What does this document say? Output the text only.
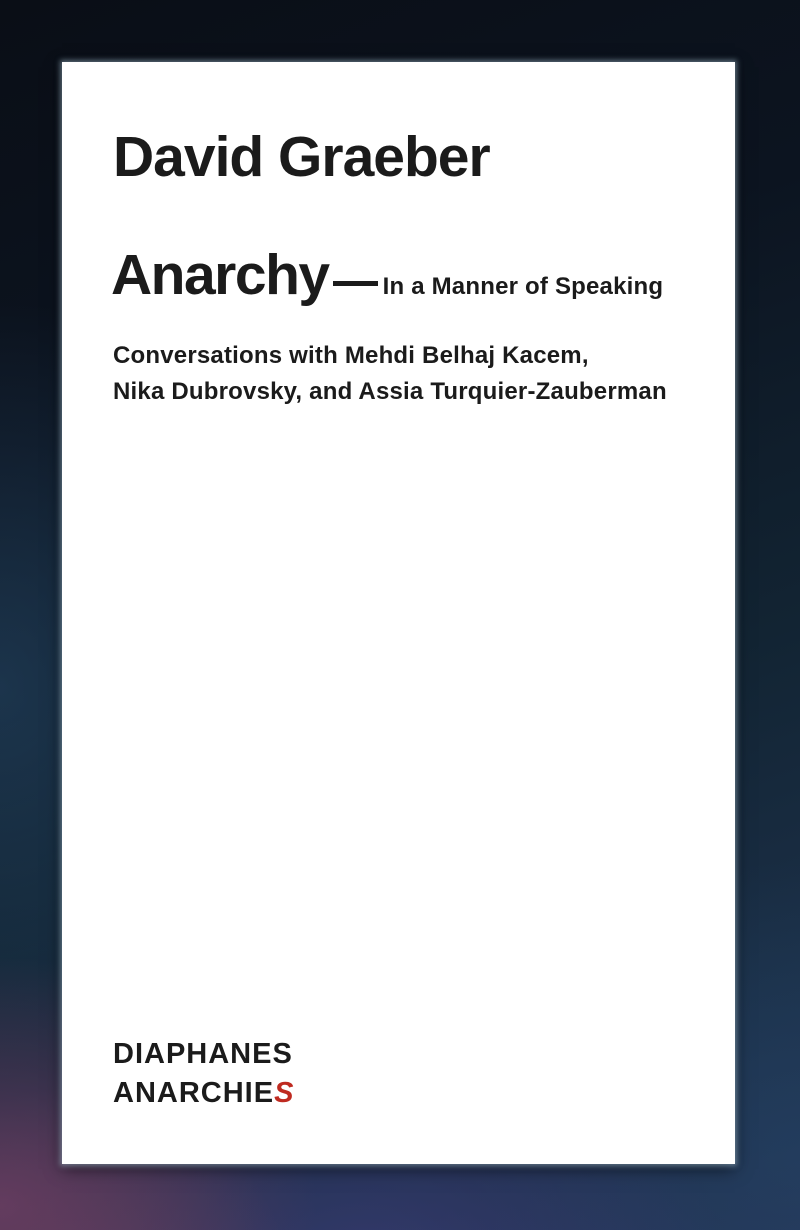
David Graeber
Anarchy In a Manner of Speaking
Conversations with Mehdi Belhaj Kacem,
Nika Dubrovsky, and Assia Turquier-Zauberman
DIAPHANES
ANARCHIES
